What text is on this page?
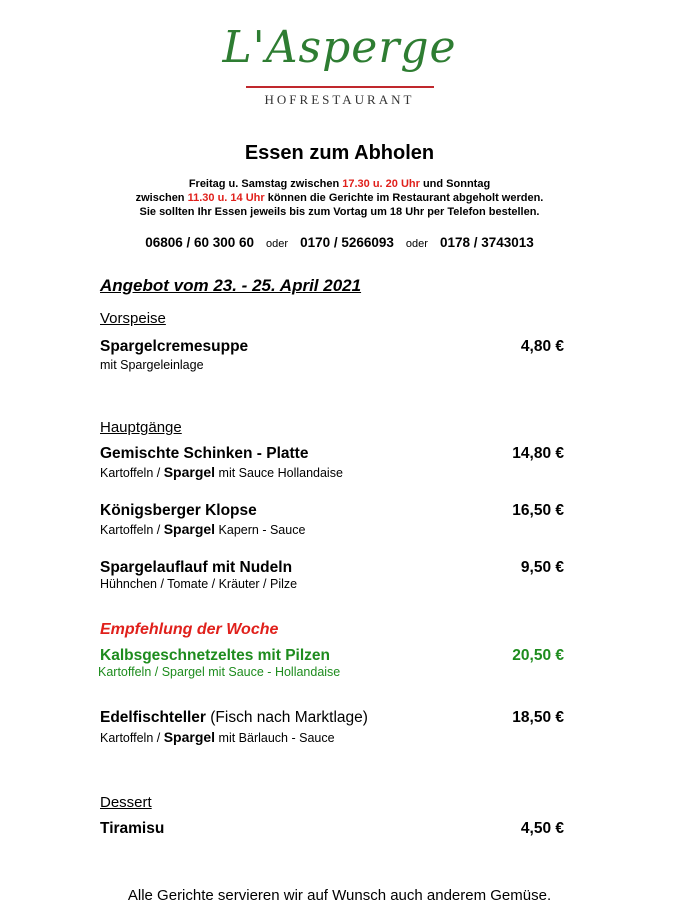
L'Asperge
HOFRESTAURANT
Essen zum Abholen
Freitag u. Samstag zwischen 17.30 u. 20 Uhr und Sonntag
zwischen 11.30 u. 14 Uhr können die Gerichte im Restaurant abgeholt werden.
Sie sollten Ihr Essen jeweils bis zum Vortag um 18 Uhr per Telefon bestellen.
06806 / 60 300 60 oder 0170 / 5266093 oder 0178 / 3743013
Angebot vom 23. - 25. April 2021
Vorspeise
Spargelcremesuppe	4,80 €
mit Spargeleinlage
Hauptgänge
Gemischte Schinken - Platte	14,80 €
Kartoffeln / Spargel mit Sauce Hollandaise
Königsberger Klopse	16,50 €
Kartoffeln / Spargel Kapern - Sauce
Spargelauflauf mit Nudeln	9,50 €
Hühnchen / Tomate / Kräuter / Pilze
Empfehlung der Woche
Kalbsgeschnetzeltes mit Pilzen	20,50 €
Kartoffeln / Spargel mit Sauce - Hollandaise
Edelfischteller (Fisch nach Marktlage)	18,50 €
Kartoffeln / Spargel mit Bärlauch - Sauce
Dessert
Tiramisu	4,50 €
Alle Gerichte servieren wir auf Wunsch auch anderem Gemüse.
